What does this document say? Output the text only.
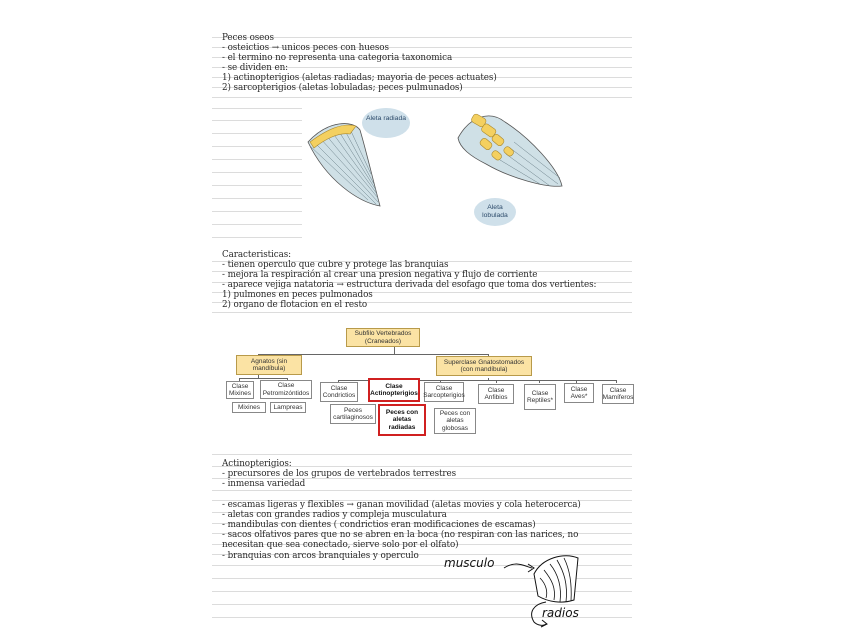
Peces oseos
- osteictios → unicos peces con huesos
- el termino no representa una categoria taxonomica
- se dividen en:
1) actinopterigios (aletas radiadas; mayoria de peces actuates)
2) sarcopterigios (aletas lobuladas; peces pulmunados)
Aleta radiada
Aleta lobulada
Caracteristicas:
- tienen operculo que cubre y protege las branquias
- mejora la respiración al crear una presion negativa y flujo de corriente
- aparece vejiga natatoria → estructura derivada del esofago que toma dos vertientes:
1) pulmones en peces pulmonados
2) organo de flotacion en el resto
Subfilo Vertebrados (Craneados)
Agnatos (sin mandíbula)
Superclase Gnatostomados (con mandíbula)
Clase Mixines
Clase Petromizóntidos
Mixines	Lampreas
Clase Condrictios
Clase Actinopterigios
Clase Sarcopterigios
Clase Anfibios
Clase Reptiles*
Clase Aves*
Clase Mamíferos
Peces cartilaginosos
Peces con aletas radiadas
Peces con aletas globosas
Actinopterigios:
- precursores de los grupos de vertebrados terrestres
- inmensa variedad
- escamas ligeras y flexibles → ganan movilidad (aletas movies y cola heterocerca)
- aletas con grandes radios y compleja musculatura
- mandibulas con dientes ( condrictios eran modificaciones de escamas)
- sacos olfativos pares que no se abren en la boca (no respiran con las narices, no necesitan que sea conectado, sierve solo por el olfato)
- branquias con arcos branquiales y operculo musculo
radios
